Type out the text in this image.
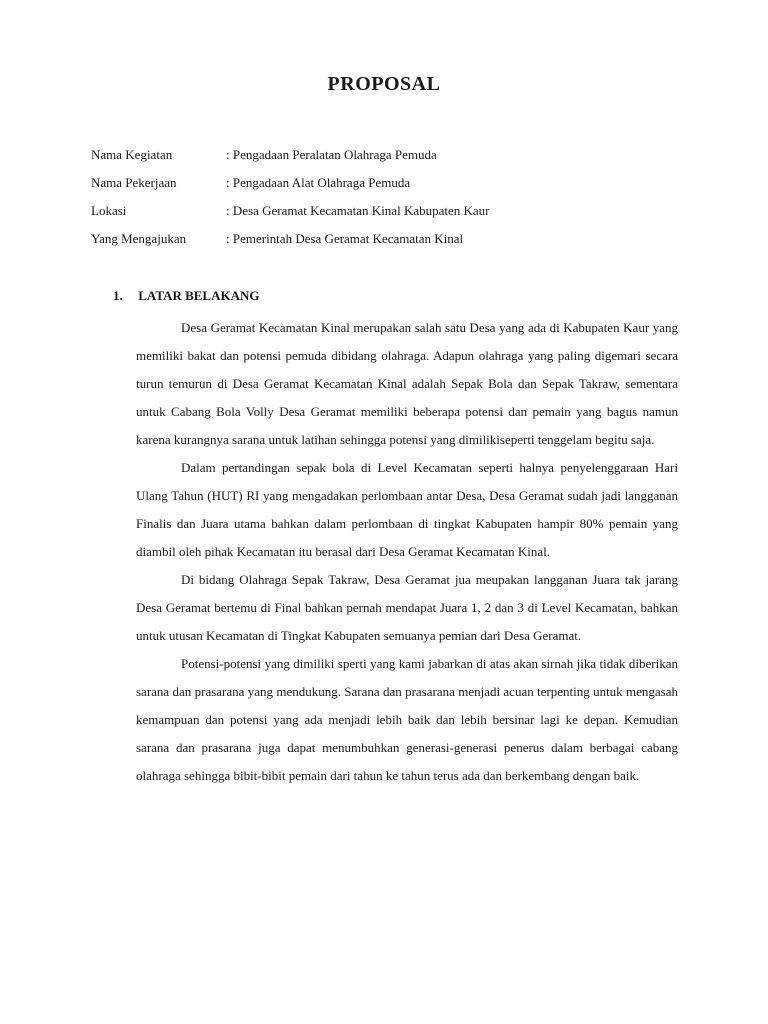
PROPOSAL
Nama Kegiatan	: Pengadaan Peralatan Olahraga Pemuda
Nama Pekerjaan	: Pengadaan Alat Olahraga Pemuda
Lokasi	: Desa Geramat Kecamatan Kinal Kabupaten Kaur
Yang Mengajukan	: Pemerintah Desa Geramat Kecamatan Kinal
1. LATAR BELAKANG

Desa Geramat Kecamatan Kinal merupakan salah satu Desa yang ada di Kabupaten Kaur yang memiliki bakat dan potensi pemuda dibidang olahraga. Adapun olahraga yang paling digemari secara turun temurun di Desa Geramat Kecamatan Kinal adalah Sepak Bola dan Sepak Takraw, sementara untuk Cabang Bola Volly Desa Geramat memiliki beberapa potensi dan pemain yang bagus namun karena kurangnya sarana untuk latihan sehingga potensi yang dimilikiseperti tenggelam begitu saja.

Dalam pertandingan sepak bola di Level Kecamatan seperti halnya penyelenggaraan Hari Ulang Tahun (HUT) RI yang mengadakan perlombaan antar Desa, Desa Geramat sudah jadi langganan Finalis dan Juara utama bahkan dalam perlombaan di tingkat Kabupaten hampir 80% pemain yang diambil oleh pihak Kecamatan itu berasal dari Desa Geramat Kecamatan Kinal.

Di bidang Olahraga Sepak Takraw, Desa Geramat jua meupakan langganan Juara tak jarang Desa Geramat bertemu di Final bahkan pernah mendapat Juara 1, 2 dan 3 di Level Kecamatan, bahkan untuk utusan Kecamatan di Tingkat Kabupaten semuanya pemian dari Desa Geramat.

Potensi-potensi yang dimiliki sperti yang kami jabarkan di atas akan sirnah jika tidak diberikan sarana dan prasarana yang mendukung. Sarana dan prasarana menjadi acuan terpenting untuk mengasah kemampuan dan potensi yang ada menjadi lebih baik dan lebih bersinar lagi ke depan. Kemudian sarana dan prasarana juga dapat menumbuhkan generasi-generasi penerus dalam berbagai cabang olahraga sehingga bibit-bibit pemain dari tahun ke tahun terus ada dan berkembang dengan baik.
